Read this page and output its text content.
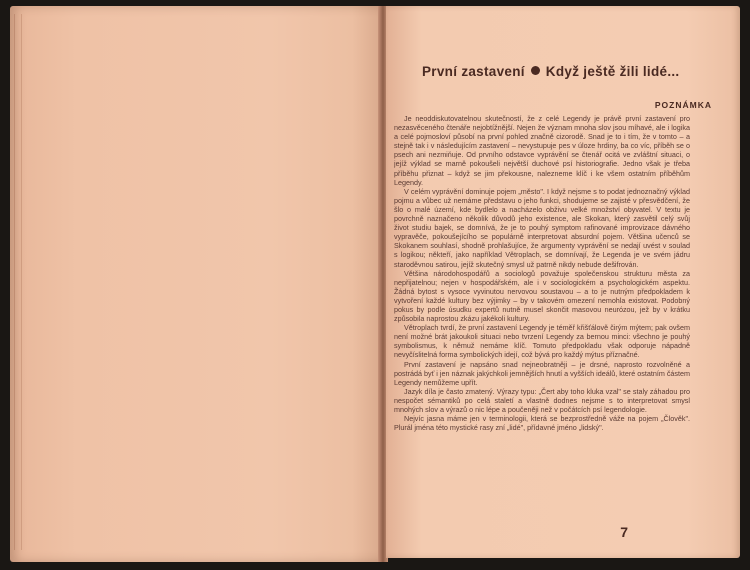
První zastavení Když ještě žili lidé...
POZNÁMKA

Je neoddiskutovatelnou skutečností, že z celé Legendy je právě první zastavení pro nezasvěceného čtenáře nejobtížnější. Nejen že význam mnoha slov jsou míhavé, ale i logika a celé pojmosloví působí na první pohled značně cizorodě. Snad je to i tím, že v tomto – a stejně tak i v následujícím zastavení – nevystupuje pes v úloze hrdiny, ba co víc, příběh se o psech ani nezmiňuje. Od prvního odstavce vyprávění se čtenář ocitá ve zvláštní situaci, o jejíž výklad se marně pokoušeli největší duchové psí historiografie. Jedno však je třeba příběhu přiznat – když se jim překousne, nalezneme klíč i ke všem ostatním příběhům Legendy.

V celém vyprávění dominuje pojem „město". I když nejsme s to podat jednoznačný výklad pojmu a vůbec už nemáme představu o jeho funkci, shodujeme se zajisté v přesvědčení, že šlo o malé území, kde bydlelo a nacházelo obživu velké množství obyvatel. V textu je povrchně naznačeno několik důvodů jeho existence, ale Skokan, který zasvětil celý svůj život studiu bajek, se domnívá, že je to pouhý symptom rafinované improvizace dávného vypravěče, pokoušejícího se populárně interpretovat absurdní pojem. Většina učenců se Skokanem souhlasí, shodně prohlašujíce, že argumenty vyprávění se nedají uvést v soulad s logikou; někteří, jako například Větroplach, se domnívají, že Legenda je ve svém jádru staroděvnou satirou, jejíž skutečný smysl už patrně nikdy nebude dešifrován.

Většina národohospodářů a sociologů považuje společenskou strukturu města za nepřijatelnou; nejen v hospodářském, ale i v sociologickém a psychologickém aspektu. Žádná bytost s vysoce vyvinutou nervovou soustavou – a to je nutným předpokladem k vytvoření každé kultury bez výjimky – by v takovém omezení nemohla existovat. Podobný pokus by podle úsudku expertů nutně musel skončit masovou neurózou, jež by v krátku způsobila naprostou zkázu jakékoli kultury.

Větroplach tvrdí, že první zastavení Legendy je téměř křišťálově čirým mýtem; pak ovšem není možné brát jakoukoli situaci nebo tvrzení Legendy za bernou minci: všechno je pouhý symbolismus, k němuž nemáme klíč. Tomuto předpokladu však odporuje nápadně nevyčíslitelná forma symbolických idejí, což bývá pro každý mýtus příznačné.

První zastavení je napsáno snad nejneobratněji – je drsné, naprosto rozvolněné a postrádá byť i jen náznak jakýchkoli jemnějších hnutí a vyšších ideálů, které ostatním částem Legendy nemůžeme upřít.

Jazyk díla je často zmatený. Výrazy typu: „Čert aby toho kluka vzal" se staly záhadou pro nespočet sémantiků po celá staletí a vlastně dodnes nejsme s to interpretovat smysl mnohých slov a výrazů o nic lépe a poučeněji než v počátcích psí legendologie.

Nejvíc jasna máme jen v terminologii, která se bezprostředně váže na pojem „Člověk". Plurál jména této mystické rasy zní „lidé", přídavné jméno „lidský".

7
